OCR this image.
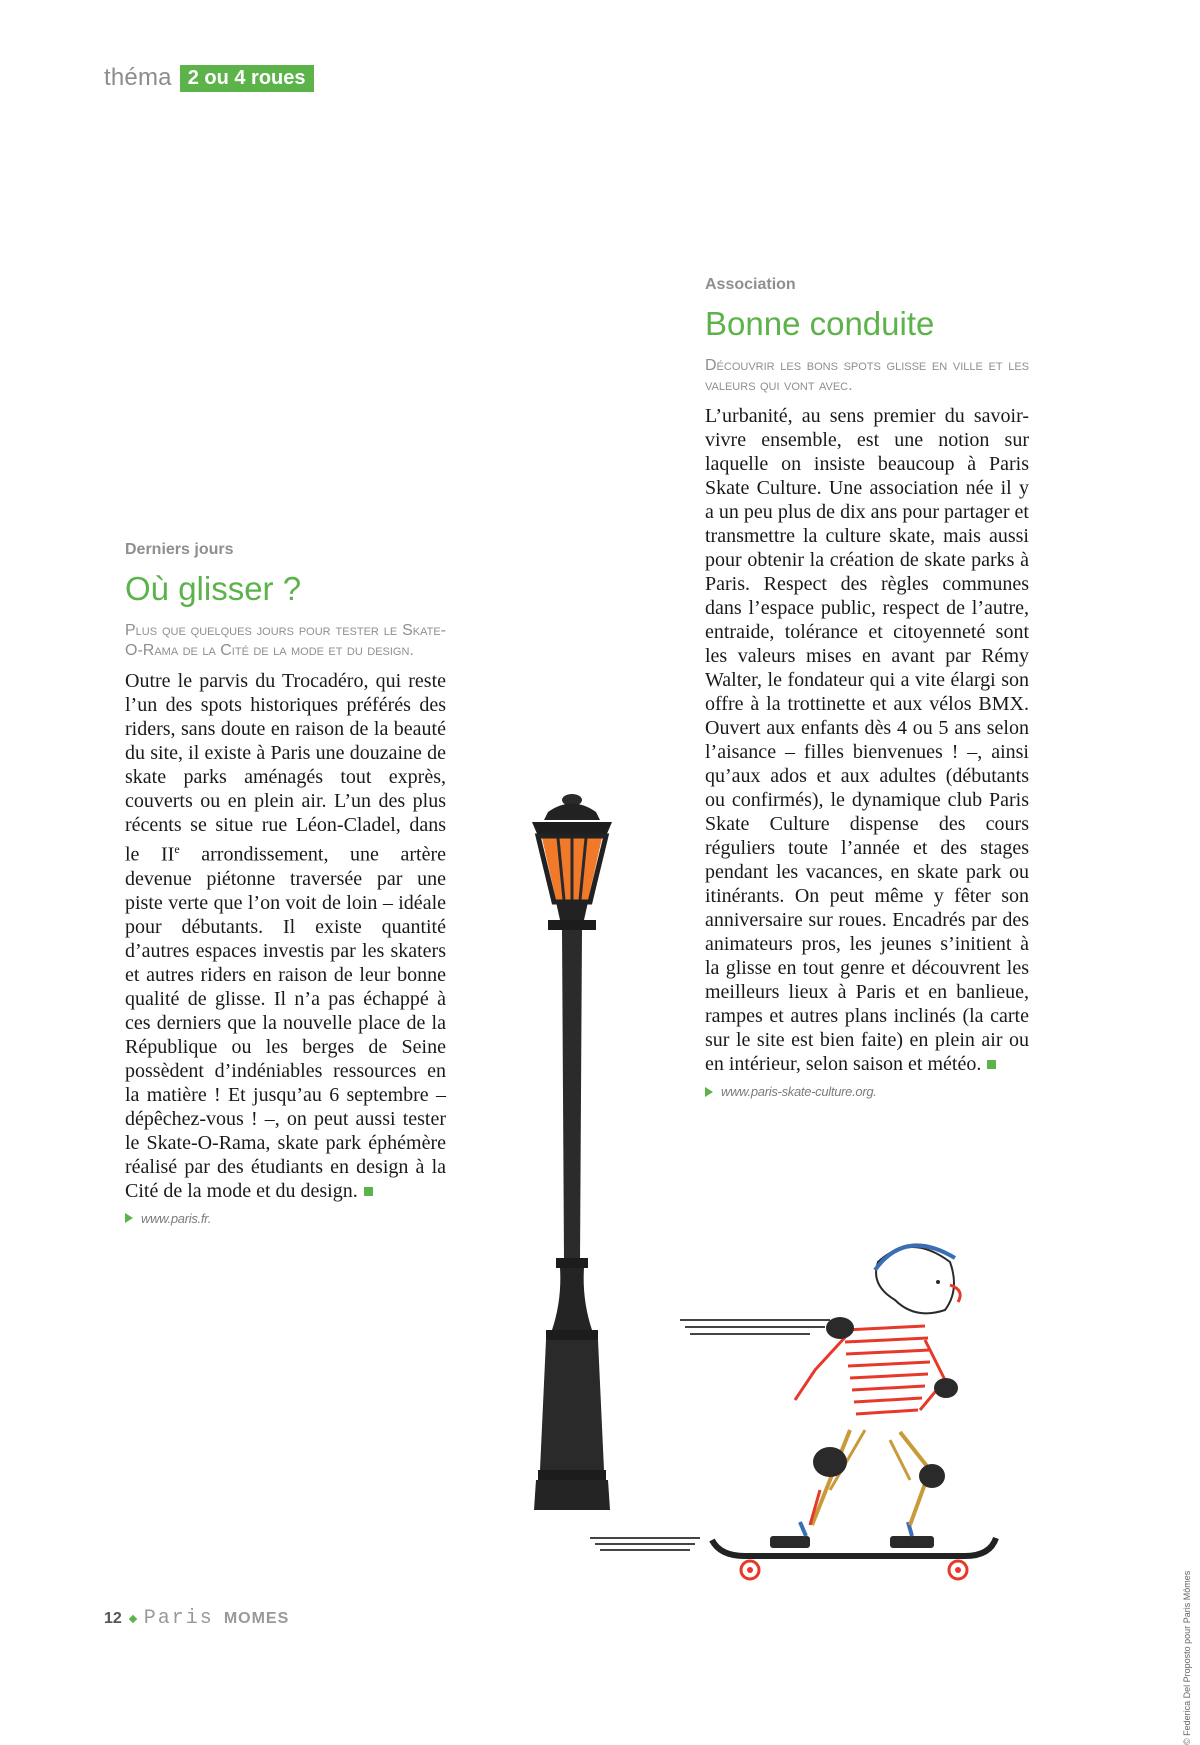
théma 2 ou 4 roues
Derniers jours
Où glisser ?

Plus que quelques jours pour tester le Skate-O-Rama de la Cité de la mode et du design.

Outre le parvis du Trocadéro, qui reste l’un des spots historiques préférés des riders, sans doute en raison de la beauté du site, il existe à Paris une douzaine de skate parks aménagés tout exprès, couverts ou en plein air. L’un des plus récents se situe rue Léon-Cladel, dans le IIe arrondissement, une artère devenue piétonne traversée par une piste verte que l’on voit de loin – idéale pour débutants. Il existe quantité d’autres espaces investis par les skaters et autres riders en raison de leur bonne qualité de glisse. Il n’a pas échappé à ces derniers que la nouvelle place de la République ou les berges de Seine possèdent d’indéniables ressources en la matière ! Et jusqu’au 6 septembre – dépêchez-vous ! –, on peut aussi tester le Skate-O-Rama, skate park éphémère réalisé par des étudiants en design à la Cité de la mode et du design.

www.paris.fr.
Association
Bonne conduite

Découvrir les bons spots glisse en ville et les valeurs qui vont avec.

L’urbanité, au sens premier du savoir-vivre ensemble, est une notion sur laquelle on insiste beaucoup à Paris Skate Culture. Une association née il y a un peu plus de dix ans pour partager et transmettre la culture skate, mais aussi pour obtenir la création de skate parks à Paris. Respect des règles communes dans l’espace public, respect de l’autre, entraide, tolérance et citoyenneté sont les valeurs mises en avant par Rémy Walter, le fondateur qui a vite élargi son offre à la trottinette et aux vélos BMX. Ouvert aux enfants dès 4 ou 5 ans selon l’aisance – filles bienvenues ! –, ainsi qu’aux ados et aux adultes (débutants ou confirmés), le dynamique club Paris Skate Culture dispense des cours réguliers toute l’année et des stages pendant les vacances, en skate park ou itinérants. On peut même y fêter son anniversaire sur roues. Encadrés par des animateurs pros, les jeunes s’initient à la glisse en tout genre et découvrent les meilleurs lieux à Paris et en banlieue, rampes et autres plans inclinés (la carte sur le site est bien faite) en plein air ou en intérieur, selon saison et météo.

www.paris-skate-culture.org.
© Federica Del Proposto pour Paris Mômes
12 Paris MOMES
